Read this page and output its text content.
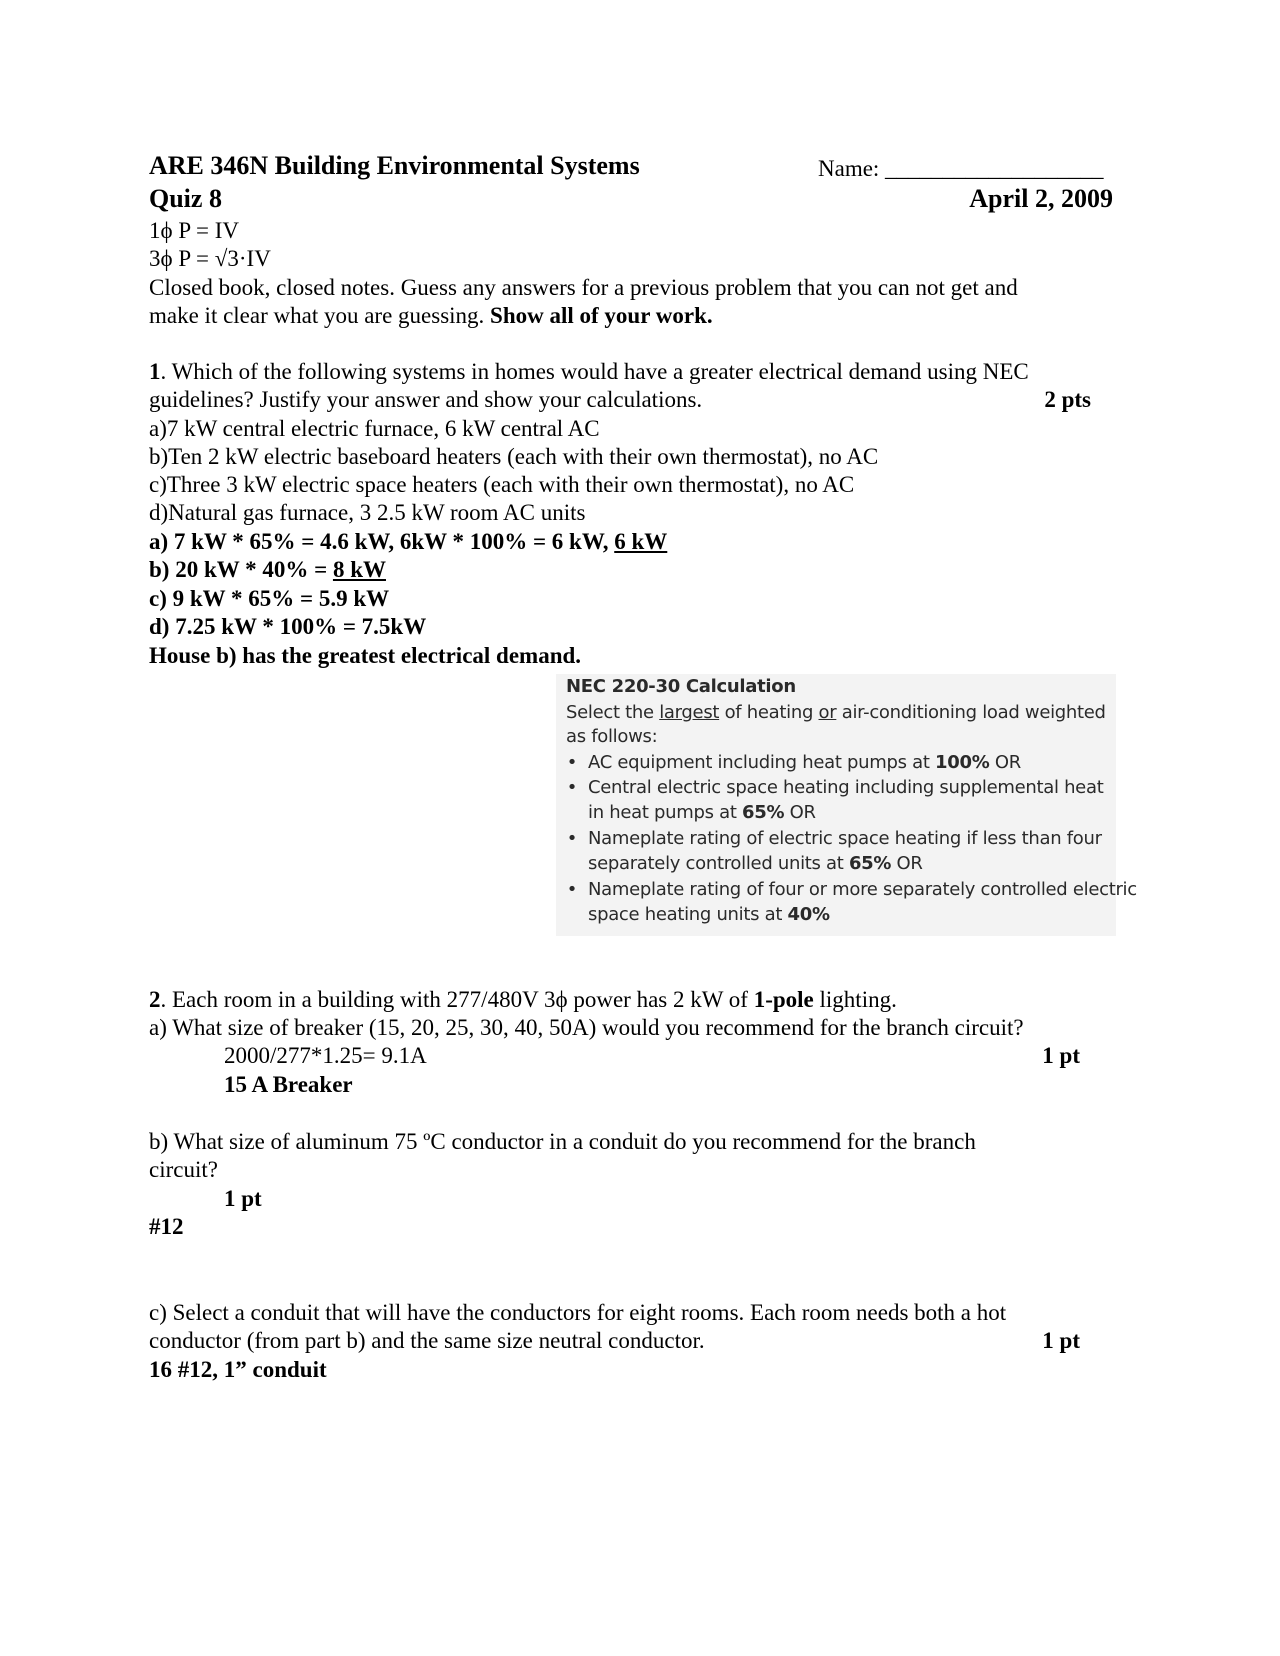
ARE 346N Building Environmental Systems	Name: ___________________
Quiz 8	April 2, 2009
1ϕ P = IV
3ϕ P = √3·IV
Closed book, closed notes. Guess any answers for a previous problem that you can not get and
make it clear what you are guessing. Show all of your work.
1. Which of the following systems in homes would have a greater electrical demand using NEC
guidelines? Justify your answer and show your calculations.	2 pts
a)7 kW central electric furnace, 6 kW central AC
b)Ten 2 kW electric baseboard heaters (each with their own thermostat), no AC
c)Three 3 kW electric space heaters (each with their own thermostat), no AC
d)Natural gas furnace, 3 2.5 kW room AC units
a) 7 kW * 65% = 4.6 kW, 6kW * 100% = 6 kW, 6 kW
b) 20 kW * 40% = 8 kW
c) 9 kW * 65% = 5.9 kW
d) 7.25 kW * 100% = 7.5kW
House b) has the greatest electrical demand.
NEC 220-30 Calculation
Select the largest of heating or air-conditioning load weighted
as follows:
• AC equipment including heat pumps at 100% OR
• Central electric space heating including supplemental heat
in heat pumps at 65% OR
• Nameplate rating of electric space heating if less than four
separately controlled units at 65% OR
• Nameplate rating of four or more separately controlled electric
space heating units at 40%
2. Each room in a building with 277/480V 3ϕ power has 2 kW of 1-pole lighting.
a) What size of breaker (15, 20, 25, 30, 40, 50A) would you recommend for the branch circuit?
2000/277*1.25= 9.1A	1 pt
15 A Breaker
b) What size of aluminum 75 ºC conductor in a conduit do you recommend for the branch
circuit?
1 pt
#12
c) Select a conduit that will have the conductors for eight rooms. Each room needs both a hot
conductor (from part b) and the same size neutral conductor.	1 pt
16 #12, 1” conduit
